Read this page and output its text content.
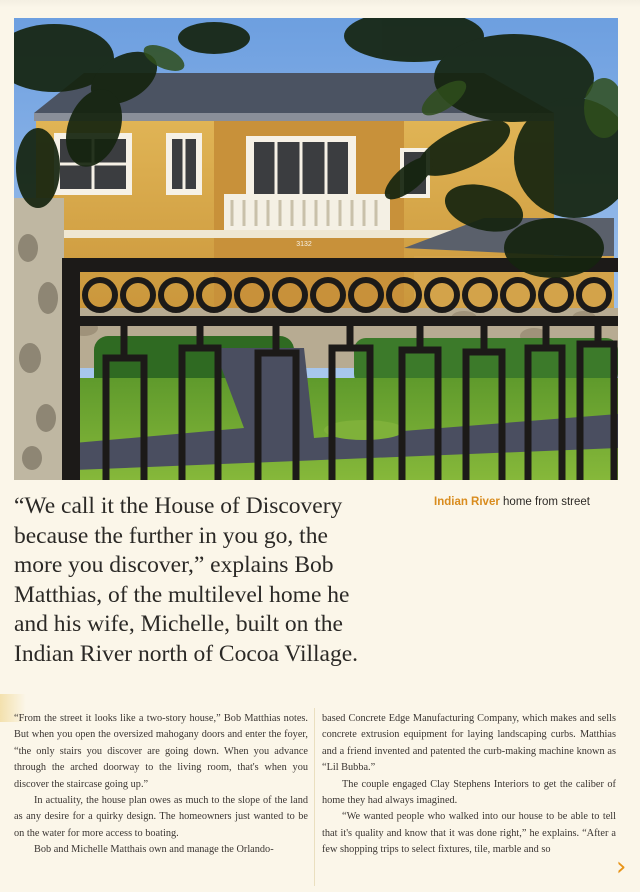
3132
Indian River home from street
“We call it the House of Discovery
because the further in you go, the
more you discover,” explains Bob
Matthias, of the multilevel home he
and his wife, Michelle, built on the
Indian River north of Cocoa Village.

“From the street it looks like a two-story house,” Bob Matthias notes. But when you open the oversized mahogany doors and enter the foyer, “the only stairs you discover are going down. When you advance through the arched doorway to the living room, that's when you discover the staircase going up.”

In actuality, the house plan owes as much to the slope of the land as any desire for a quirky design. The homeowners just wanted to be on the water for more access to boating.

Bob and Michelle Matthais own and manage the Orlando-

based Concrete Edge Manufacturing Company, which makes and sells concrete extrusion equipment for laying landscaping curbs. Matthias and a friend invented and patented the curb-making machine known as “Lil Bubba.”

The couple engaged Clay Stephens Interiors to get the caliber of home they had always imagined.

“We wanted people who walked into our house to be able to tell that it's quality and know that it was done right,” he explains. “After a few shopping trips to select fixtures, tile, marble and so

›
